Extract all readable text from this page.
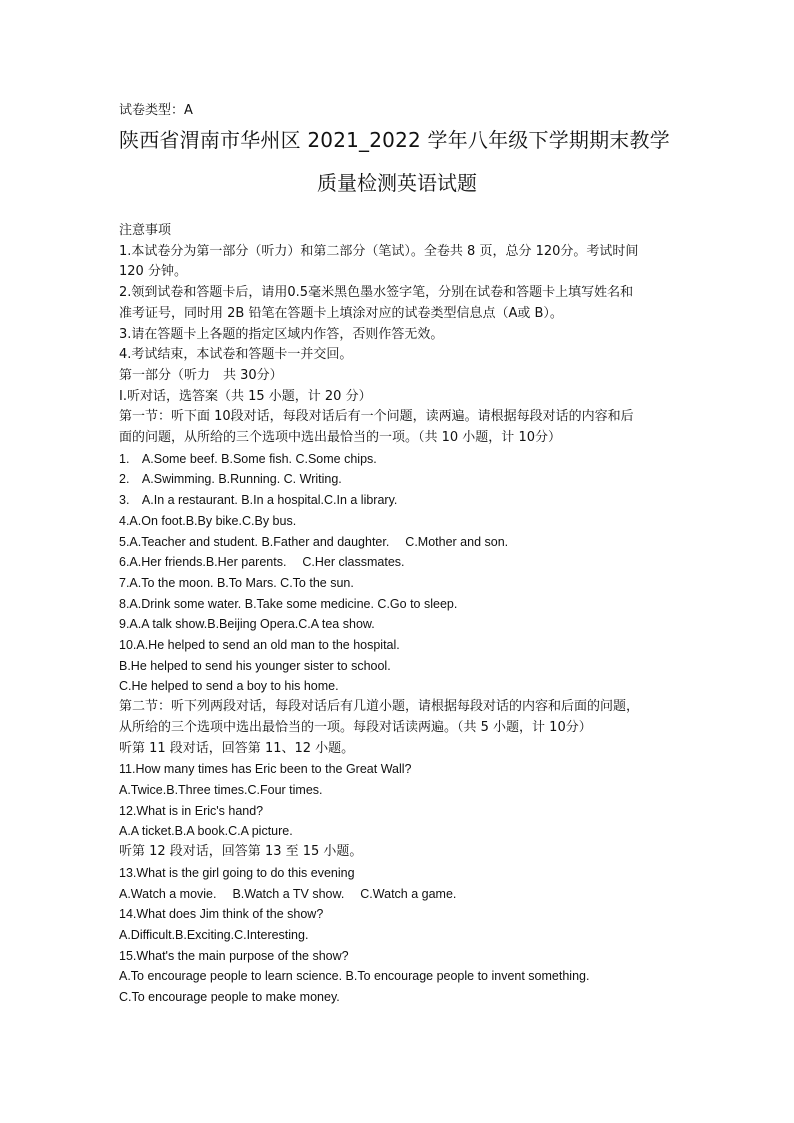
试卷类型：A
陕西省渭南市华州区 2021_2022 学年八年级下学期期末教学
质量检测英语试题
注意事项
1.本试卷分为第一部分（听力）和第二部分（笔试）。全卷共 8 页，总分 120分。考试时间
120 分钟。
2.领到试卷和答题卡后，请用0.5毫米黑色墨水签字笔，分别在试卷和答题卡上填写姓名和
准考证号，同时用 2B 铅笔在答题卡上填涂对应的试卷类型信息点（A或 B）。
3.请在答题卡上各题的指定区域内作答，否则作答无效。
4.考试结束，本试卷和答题卡一并交回。
第一部分（听力　共 30分）
Ⅰ.听对话，选答案（共 15 小题，计 20 分）
第一节：听下面 10段对话，每段对话后有一个问题，读两遍。请根据每段对话的内容和后
面的问题，从所给的三个选项中选出最恰当的一项。（共 10 小题，计 10分）
1.　A.Some beef. B.Some fish. C.Some chips.
2.　A.Swimming. B.Running. C. Writing.
3.　A.In a restaurant. B.In a hospital.C.In a library.
4.A.On foot.B.By bike.C.By bus.
5.A.Teacher and student. B.Father and daughter.　 C.Mother and son.
6.A.Her friends.B.Her parents.　 C.Her classmates.
7.A.To the moon. B.To Mars. C.To the sun.
8.A.Drink some water. B.Take some medicine. C.Go to sleep.
9.A.A talk show.B.Beijing Opera.C.A tea show.
10.A.He helped to send an old man to the hospital.
B.He helped to send his younger sister to school.
C.He helped to send a boy to his home.
第二节：听下列两段对话，每段对话后有几道小题，请根据每段对话的内容和后面的问题，
从所给的三个选项中选出最恰当的一项。每段对话读两遍。（共 5 小题，计 10分）
听第 11 段对话，回答第 11、12 小题。
11.How many times has Eric been to the Great Wall?
A.Twice.B.Three times.C.Four times.
12.What is in Eric's hand?
A.A ticket.B.A book.C.A picture.
听第 12 段对话，回答第 13 至 15 小题。
13.What is the girl going to do this evening
A.Watch a movie.　 B.Watch a TV show.　 C.Watch a game.
14.What does Jim think of the show?
A.Difficult.B.Exciting.C.Interesting.
15.What's the main purpose of the show?
A.To encourage people to learn science. B.To encourage people to invent something.
C.To encourage people to make money.
